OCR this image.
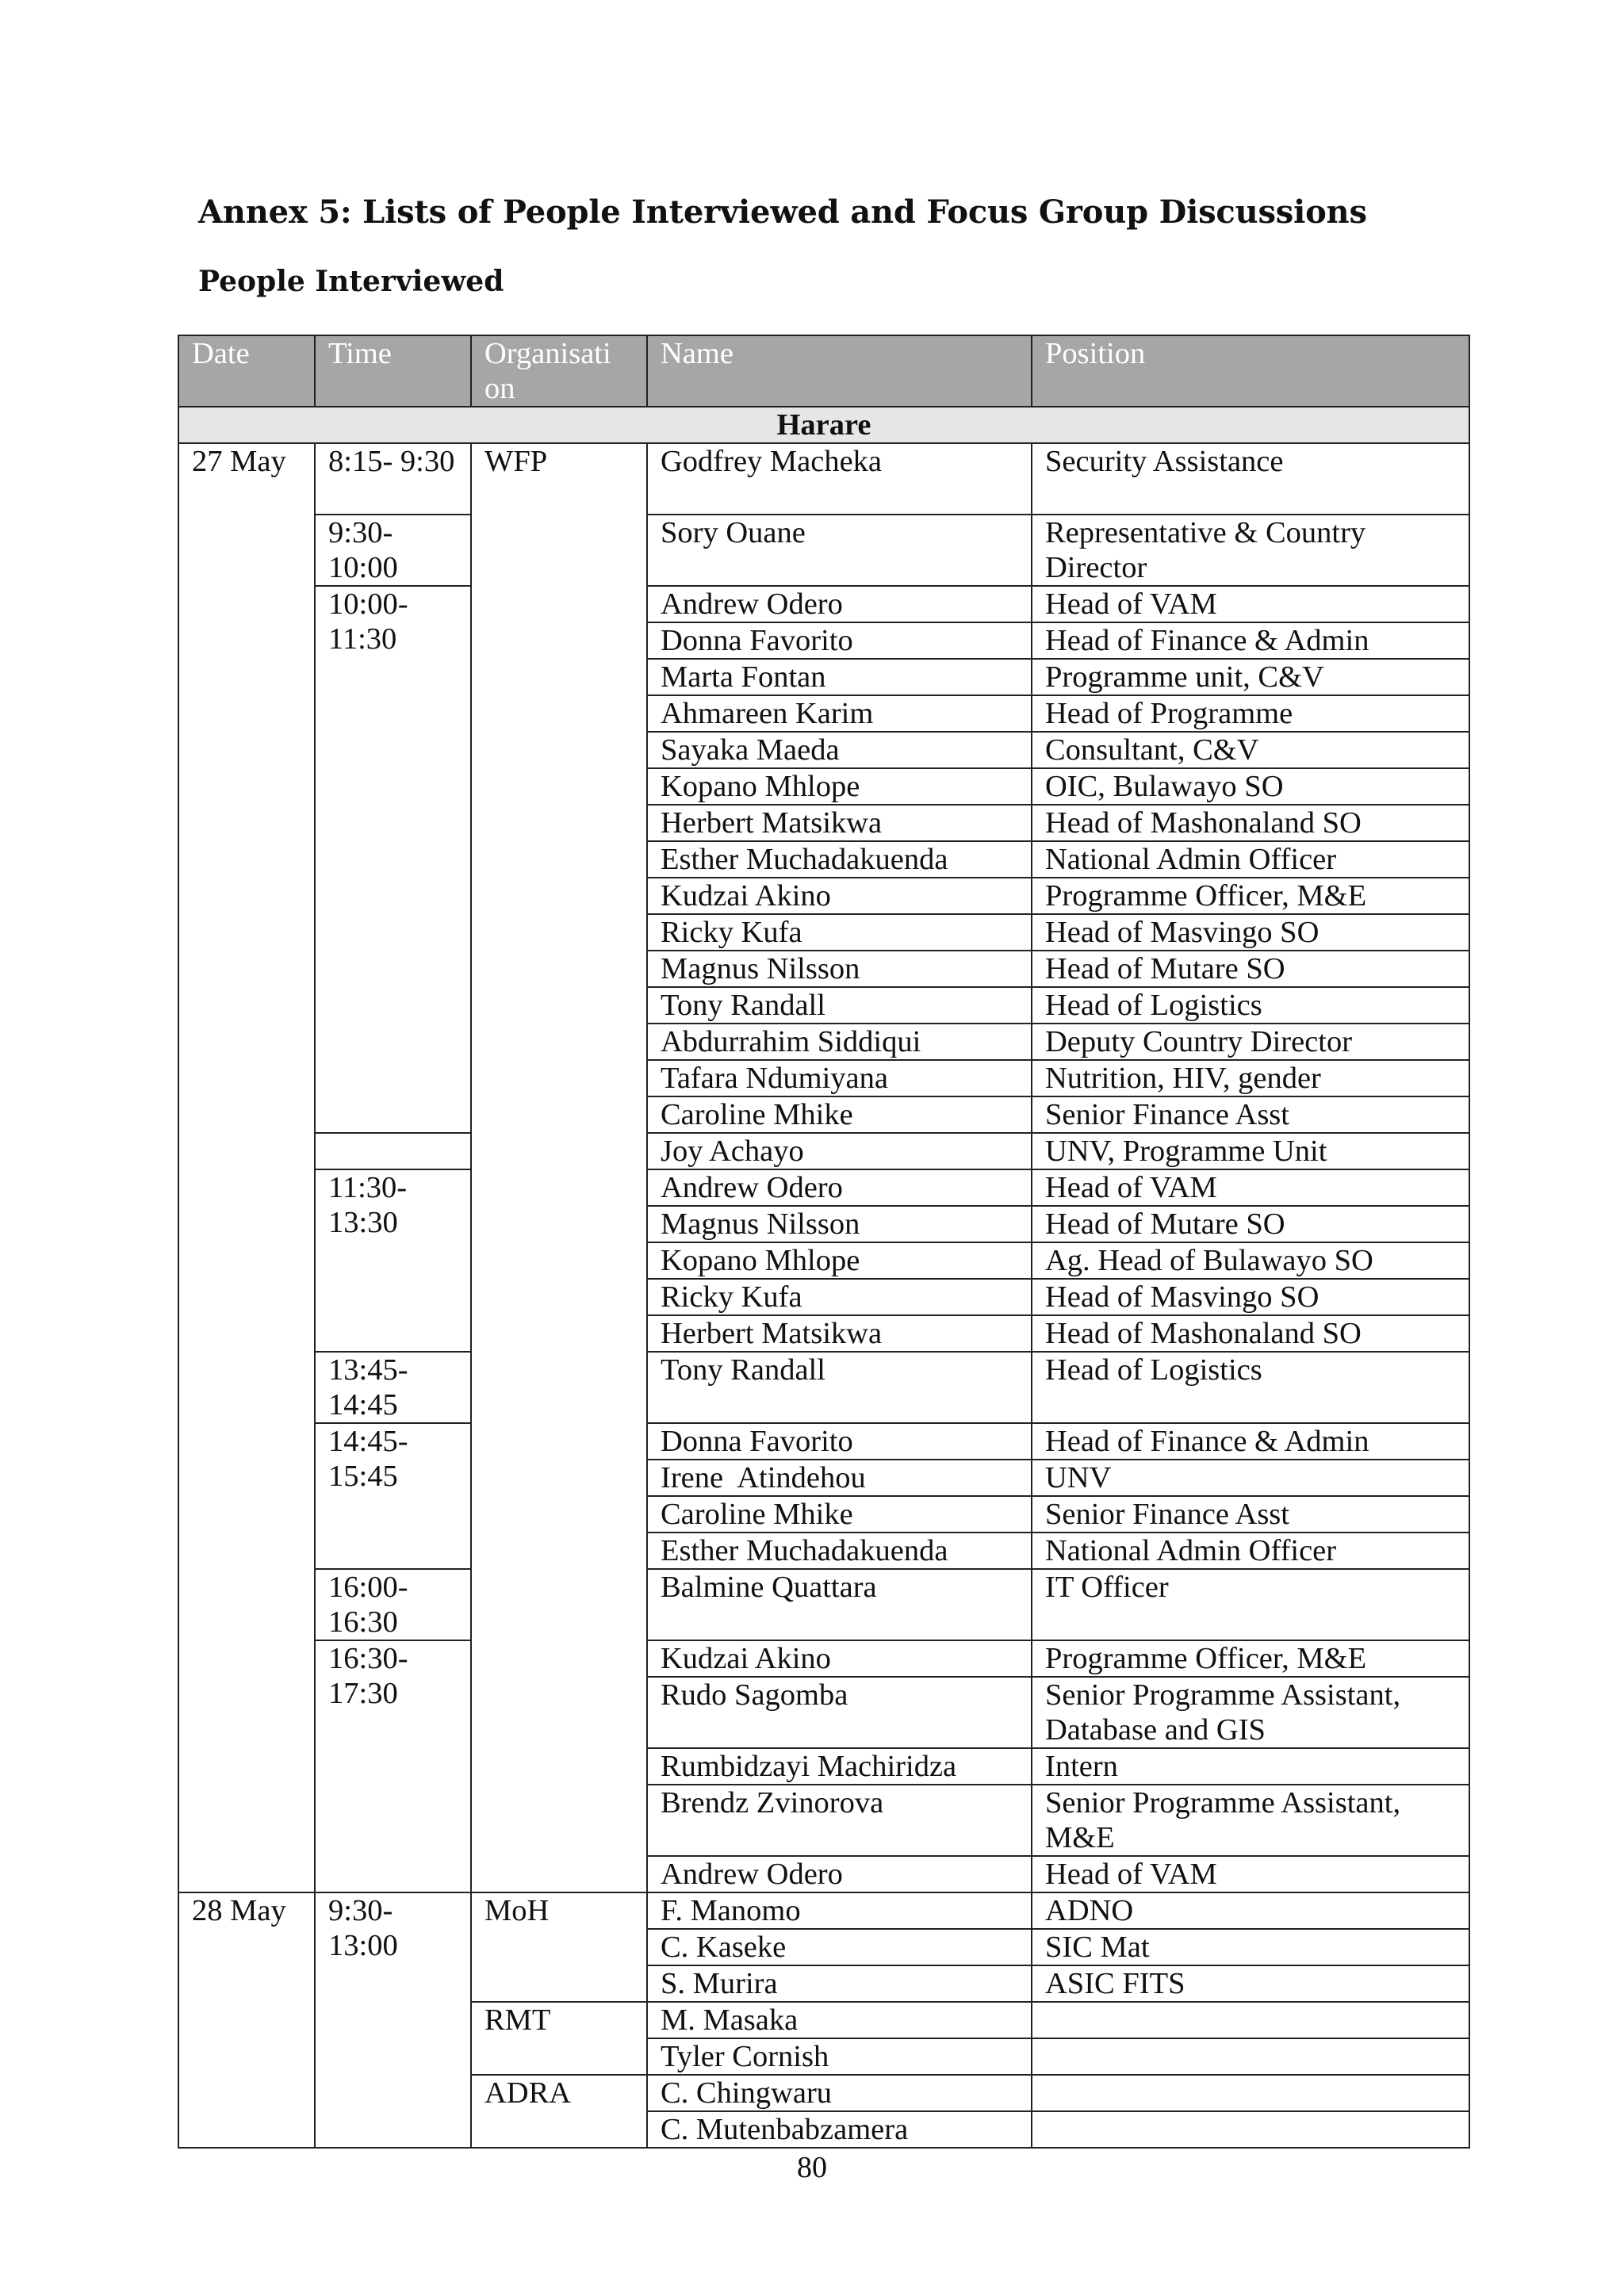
Annex 5: Lists of People Interviewed and Focus Group Discussions
People Interviewed
Date	Time	Organisati on	Name	Position
Harare				
27 May	8:15- 9:30	WFP	Godfrey Macheka	Security Assistance
	9:30- 10:00		Sory Ouane	Representative & Country Director
	10:00- 11:30		Andrew Odero	Head of VAM
			Donna Favorito	Head of Finance & Admin
			Marta Fontan	Programme unit, C&V
			Ahmareen Karim	Head of Programme
			Sayaka Maeda	Consultant, C&V
			Kopano Mhlope	OIC, Bulawayo SO
			Herbert Matsikwa	Head of Mashonaland SO
			Esther Muchadakuenda	National Admin Officer
			Kudzai Akino	Programme Officer, M&E
			Ricky Kufa	Head of Masvingo SO
			Magnus Nilsson	Head of Mutare SO
			Tony Randall	Head of Logistics
			Abdurrahim Siddiqui	Deputy Country Director
			Tafara Ndumiyana	Nutrition, HIV, gender
			Caroline Mhike	Senior Finance Asst
			Joy Achayo	UNV, Programme Unit
	11:30- 13:30		Andrew Odero	Head of VAM
			Magnus Nilsson	Head of Mutare SO
			Kopano Mhlope	Ag. Head of Bulawayo SO
			Ricky Kufa	Head of Masvingo SO
			Herbert Matsikwa	Head of Mashonaland SO
	13:45- 14:45		Tony Randall	Head of Logistics
	14:45- 15:45		Donna Favorito	Head of Finance & Admin
			Irene  Atindehou	UNV
			Caroline Mhike	Senior Finance Asst
			Esther Muchadakuenda	National Admin Officer
	16:00- 16:30		Balmine Quattara	IT Officer
	16:30- 17:30		Kudzai Akino	Programme Officer, M&E
			Rudo Sagomba	Senior Programme Assistant, Database and GIS
			Rumbidzayi Machiridza	Intern
			Brendz Zvinorova	Senior Programme Assistant, M&E
			Andrew Odero	Head of VAM
28 May	9:30- 13:00	MoH	F. Manomo	ADNO
			C. Kaseke	SIC Mat
			S. Murira	ASIC FITS
		RMT	M. Masaka	
			Tyler Cornish	
		ADRA	C. Chingwaru	
			C. Mutenbabzamera	
80
